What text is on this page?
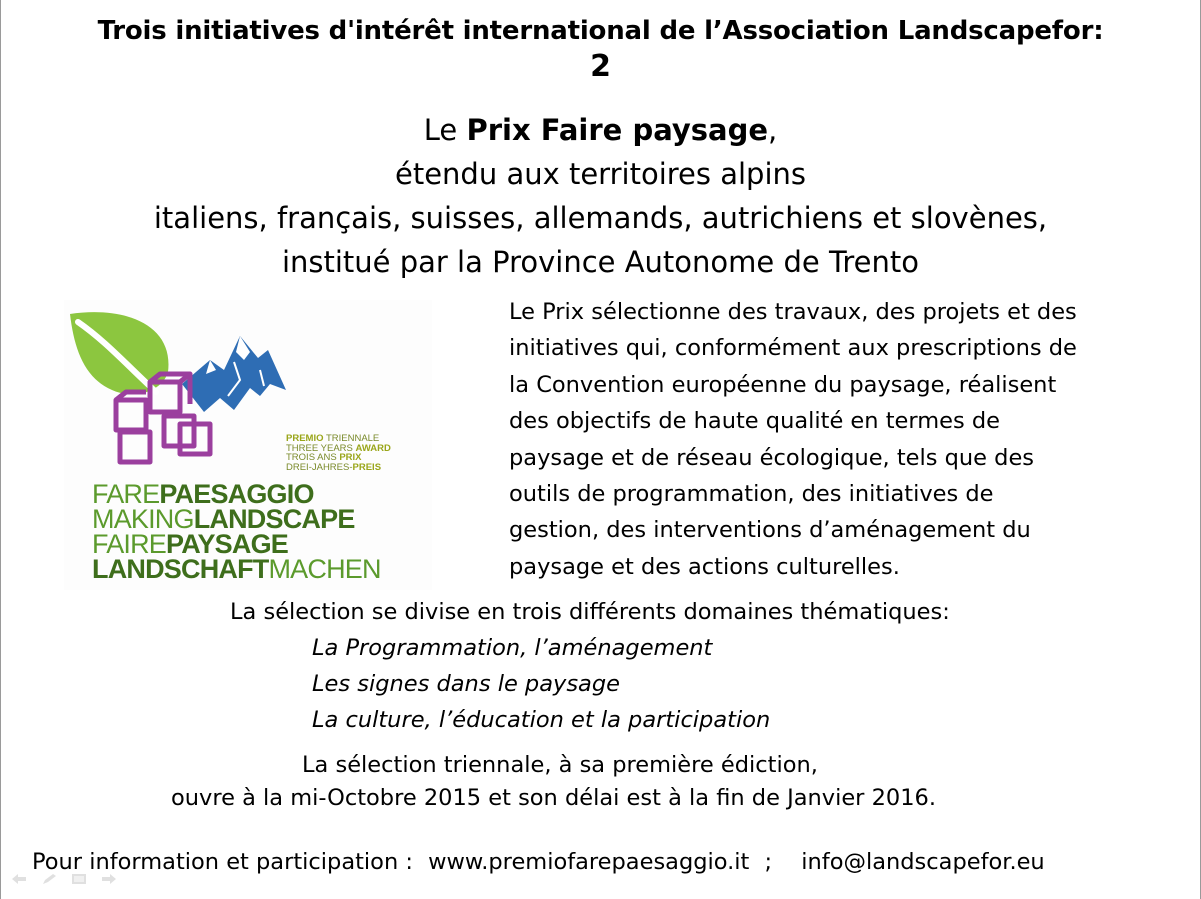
Trois initiatives d'intérêt international de l’Association Landscapefor:
2
Le Prix Faire paysage,
étendu aux territoires alpins
italiens, français, suisses, allemands, autrichiens et slovènes,
institué par la Province Autonome de Trento
PREMIO TRIENNALE
THREE YEARS AWARD
TROIS ANS PRIX
DREI-JAHRES-PREIS
FAREPAESAGGIO
MAKINGLANDSCAPE
FAIREPAYSAGE
LANDSCHAFTMACHEN
Le Prix sélectionne des travaux, des projets et des
initiatives qui, conformément aux prescriptions de
la Convention européenne du paysage, réalisent
des objectifs de haute qualité en termes de
paysage et de réseau écologique, tels que des
outils de programmation, des initiatives de
gestion, des interventions d’aménagement du
paysage et des actions culturelles.
La sélection se divise en trois différents domaines thématiques:
La Programmation, l’aménagement
Les signes dans le paysage
La culture, l’éducation et la participation
La sélection triennale, à sa première édiction,
ouvre à la mi-Octobre 2015 et son délai est à la fin de Janvier 2016.
Pour information et participation : www.premiofarepaesaggio.it ; info@landscapefor.eu
